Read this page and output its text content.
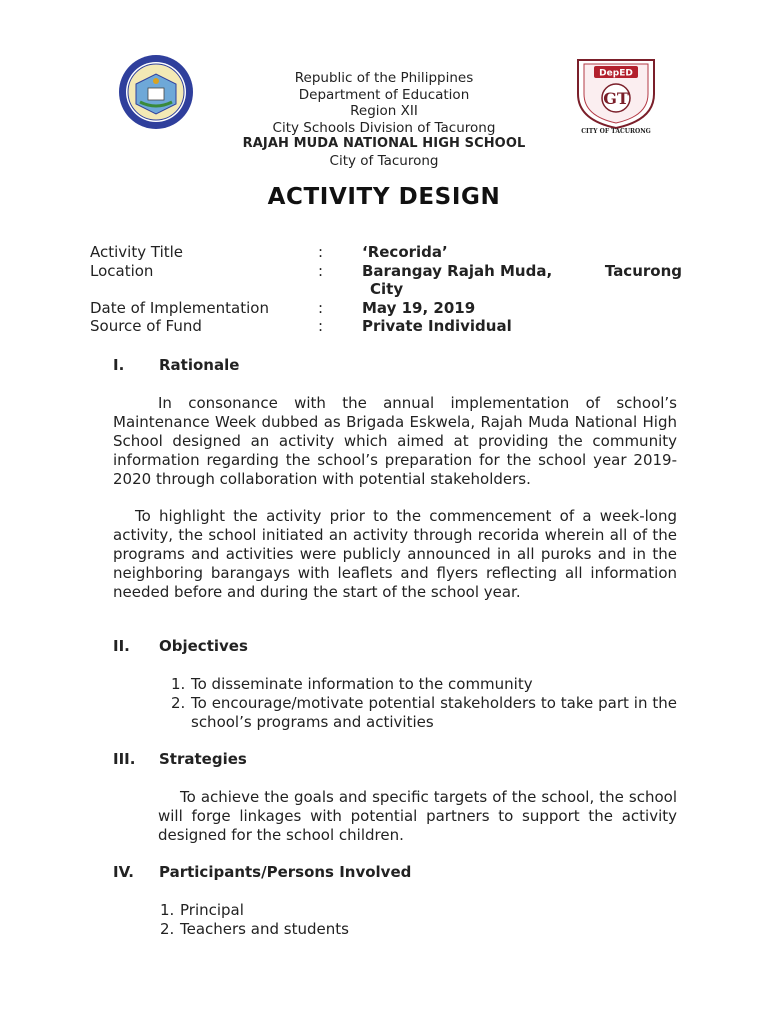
DepED
GT
CITY OF TACURONG
Republic of the Philippines
Department of Education
Region XII
City Schools Division of Tacurong
RAJAH MUDA NATIONAL HIGH SCHOOL
City of Tacurong
ACTIVITY DESIGN
Activity Title	:	‘Recorida’
Location	:	Barangay Rajah Muda,	Tacurong
City
Date of Implementation	:	May 19, 2019
Source of Fund	:	Private Individual
I.	Rationale
In consonance with the annual implementation of school’s Maintenance Week dubbed as Brigada Eskwela, Rajah Muda National High School designed an activity which aimed at providing the community information regarding the school’s preparation for the school year 2019-2020 through collaboration with potential stakeholders.
To highlight the activity prior to the commencement of a week-long activity, the school initiated an activity through recorida wherein all of the programs and activities were publicly announced in all puroks and in the neighboring barangays with leaflets and flyers reflecting all information needed before and during the start of the school year.
II.	Objectives
1. To disseminate information to the community
2. To encourage/motivate potential stakeholders to take part in the school’s programs and activities
III.	Strategies
To achieve the goals and specific targets of the school, the school will forge linkages with potential partners to support the activity designed for the school children.
IV.	Participants/Persons Involved
1. Principal
2. Teachers and students
